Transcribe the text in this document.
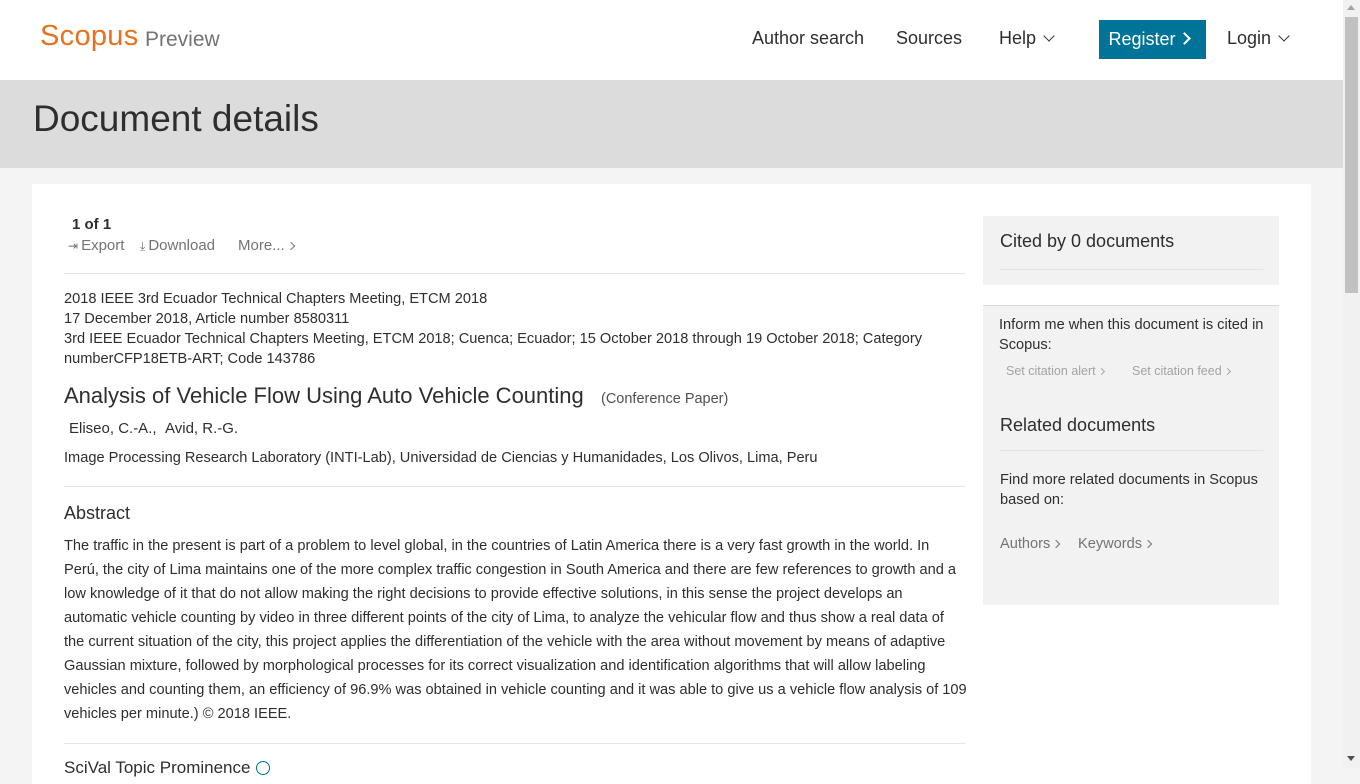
Scopus Preview	Author search Sources Help	Register	Login
Document details
1 of 1
⇥ Export ⤓ Download More...
2018 IEEE 3rd Ecuador Technical Chapters Meeting, ETCM 2018
17 December 2018, Article number 8580311
3rd IEEE Ecuador Technical Chapters Meeting, ETCM 2018; Cuenca; Ecuador; 15 October 2018 through 19 October 2018; Category numberCFP18ETB-ART; Code 143786
Analysis of Vehicle Flow Using Auto Vehicle Counting (Conference Paper)
Eliseo, C.-A., Avid, R.-G.
Image Processing Research Laboratory (INTI-Lab), Universidad de Ciencias y Humanidades, Los Olivos, Lima, Peru
Abstract

The traffic in the present is part of a problem to level global, in the countries of Latin America there is a very fast growth in the world. In Perú, the city of Lima maintains one of the more complex traffic congestion in South America and there are few references to growth and a low knowledge of it that do not allow making the right decisions to provide effective solutions, in this sense the project develops an automatic vehicle counting by video in three different points of the city of Lima, to analyze the vehicular flow and thus show a real data of the current situation of the city, this project applies the differentiation of the vehicle with the area without movement by means of adaptive Gaussian mixture, followed by morphological processes for its correct visualization and identification algorithms that will allow labeling vehicles and counting them, an efficiency of 96.9% was obtained in vehicle counting and it was able to give us a vehicle flow analysis of 109 vehicles per minute.) © 2018 IEEE.

SciVal Topic Prominence
Cited by 0 documents
Inform me when this document is cited in Scopus:
Set citation alert	Set citation feed
Related documents
Find more related documents in Scopus based on:
Authors	Keywords
